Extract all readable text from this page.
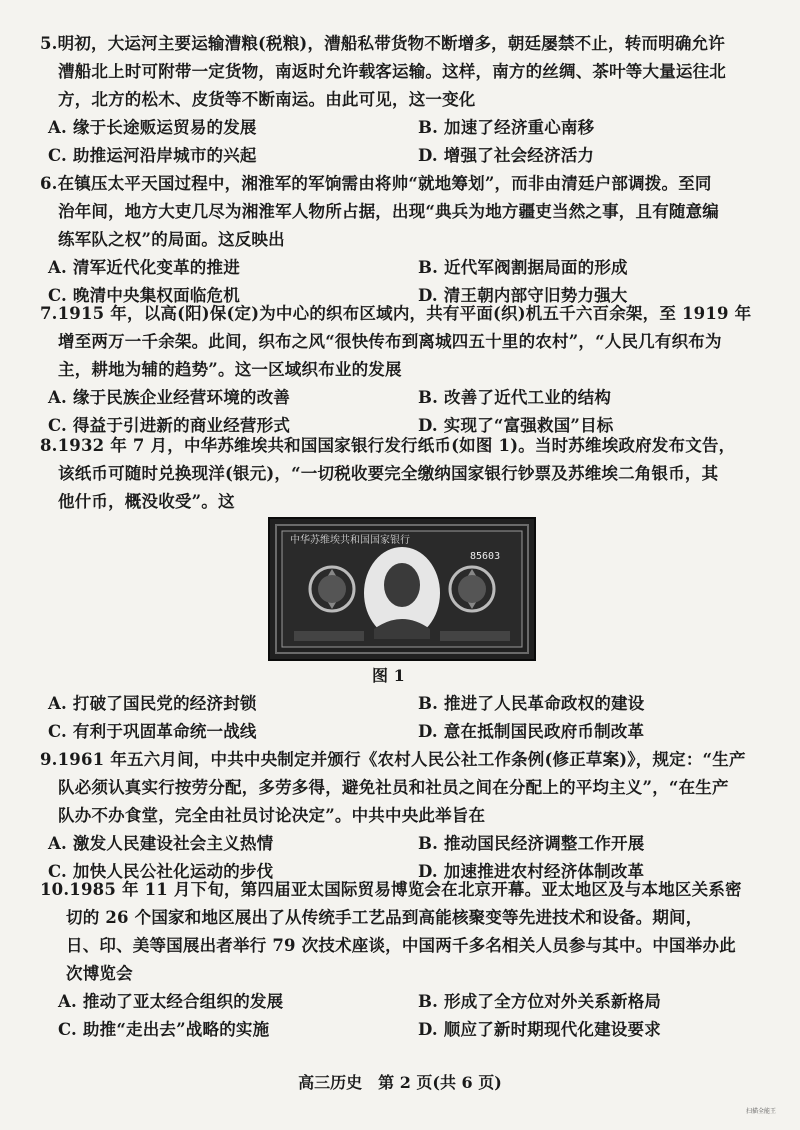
5.明初，大运河主要运输漕粮(税粮)，漕船私带货物不断增多，朝廷屡禁不止，转而明确允许
漕船北上时可附带一定货物，南返时允许载客运输。这样，南方的丝绸、茶叶等大量运往北
方，北方的松木、皮货等不断南运。由此可见，这一变化
A. 缘于长途贩运贸易的发展	B. 加速了经济重心南移
C. 助推运河沿岸城市的兴起	D. 增强了社会经济活力
6.在镇压太平天国过程中，湘淮军的军饷需由将帅“就地筹划”，而非由清廷户部调拨。至同
治年间，地方大吏几尽为湘淮军人物所占据，出现“典兵为地方疆吏当然之事，且有随意编
练军队之权”的局面。这反映出
A. 清军近代化变革的推进	B. 近代军阀割据局面的形成
C. 晚清中央集权面临危机	D. 清王朝内部守旧势力强大
7.1915 年，以高(阳)保(定)为中心的织布区域内，共有平面(织)机五千六百余架，至 1919 年
增至两万一千余架。此间，织布之风“很快传布到离城四五十里的农村”，“人民几有织布为
主，耕地为辅的趋势”。这一区域织布业的发展
A. 缘于民族企业经营环境的改善	B. 改善了近代工业的结构
C. 得益于引进新的商业经营形式	D. 实现了“富强救国”目标
8.1932 年 7 月，中华苏维埃共和国国家银行发行纸币(如图 1)。当时苏维埃政府发布文告，
该纸币可随时兑换现洋(银元)，“一切税收要完全缴纳国家银行钞票及苏维埃二角银币，其
他什币，概没收受”。这
中华苏维埃共和国国家银行
85603
图 1
A. 打破了国民党的经济封锁	B. 推进了人民革命政权的建设
C. 有利于巩固革命统一战线	D. 意在抵制国民政府币制改革
9.1961 年五六月间，中共中央制定并颁行《农村人民公社工作条例(修正草案)》，规定：“生产
队必须认真实行按劳分配，多劳多得，避免社员和社员之间在分配上的平均主义”，“在生产
队办不办食堂，完全由社员讨论决定”。中共中央此举旨在
A. 激发人民建设社会主义热情	B. 推动国民经济调整工作开展
C. 加快人民公社化运动的步伐	D. 加速推进农村经济体制改革
10.1985 年 11 月下旬，第四届亚太国际贸易博览会在北京开幕。亚太地区及与本地区关系密
切的 26 个国家和地区展出了从传统手工艺品到高能核聚变等先进技术和设备。期间，
日、印、美等国展出者举行 79 次技术座谈，中国两千多名相关人员参与其中。中国举办此
次博览会
A. 推动了亚太经合组织的发展	B. 形成了全方位对外关系新格局
C. 助推“走出去”战略的实施	D. 顺应了新时期现代化建设要求
高三历史　第 2 页(共 6 页)
扫描全能王
